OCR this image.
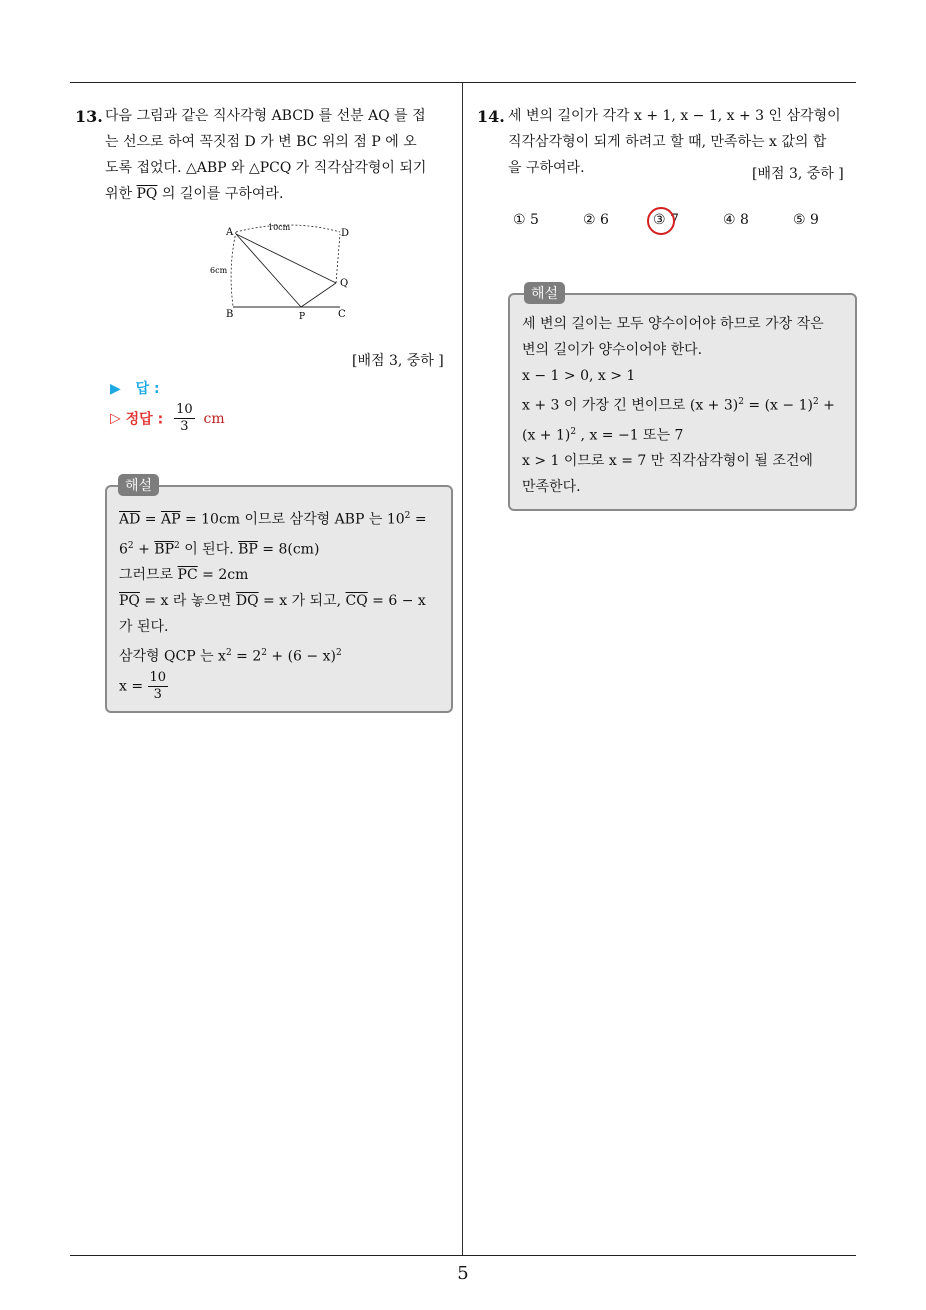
13. 다음 그림과 같은 직사각형 ABCD 를 선분 AQ 를 접
는 선으로 하여 꼭짓점 D 가 변 BC 위의 점 P 에 오
도록 접었다. △ABP 와 △PCQ 가 직각삼각형이 되기
위한 $\overline{PQ}$ 의 길이를 구하여라.
A	D
B	P	C
Q
10cm
6cm
[배점 3, 중하 ]
▶ 답 :
▷ 정답 : $\frac{10}{3}$ cm
$\overline{AD} = \overline{AP} = 10cm$ 이므로 삼각형 ABP 는 $10^2$ =
$6^2 + \overline{BP}^2$ 이 된다. $\overline{BP} = 8(cm)$
그러므로 $\overline{PC} = 2cm$
$\overline{PQ} = x$ 라 놓으면 $\overline{DQ} = x$ 가 되고, $\overline{CQ} = 6 - x$
가 된다.
삼각형 QCP 는 $x^2 = 2^2 + (6 - x)^2$
$x = \frac{10}{3}$
해설
14. 세 변의 길이가 각각 x + 1, x − 1, x + 3 인 삼각형이
직각삼각형이 되게 하려고 할 때, 만족하는 x 값의 합
을 구하여라.	[배점 3, 중하 ]
① 5	② 6	③ 7	④ 8	⑤ 9
세 변의 길이는 모두 양수이어야 하므로 가장 작은
변의 길이가 양수이어야 한다.
x − 1 > 0, x > 1
x + 3 이 가장 긴 변이므로 $(x + 3)^2 = (x - 1)^2$ +
$(x + 1)^2$ , x = −1 또는 7
x > 1 이므로 x = 7 만 직각삼각형이 될 조건에
만족한다.
해설
5
